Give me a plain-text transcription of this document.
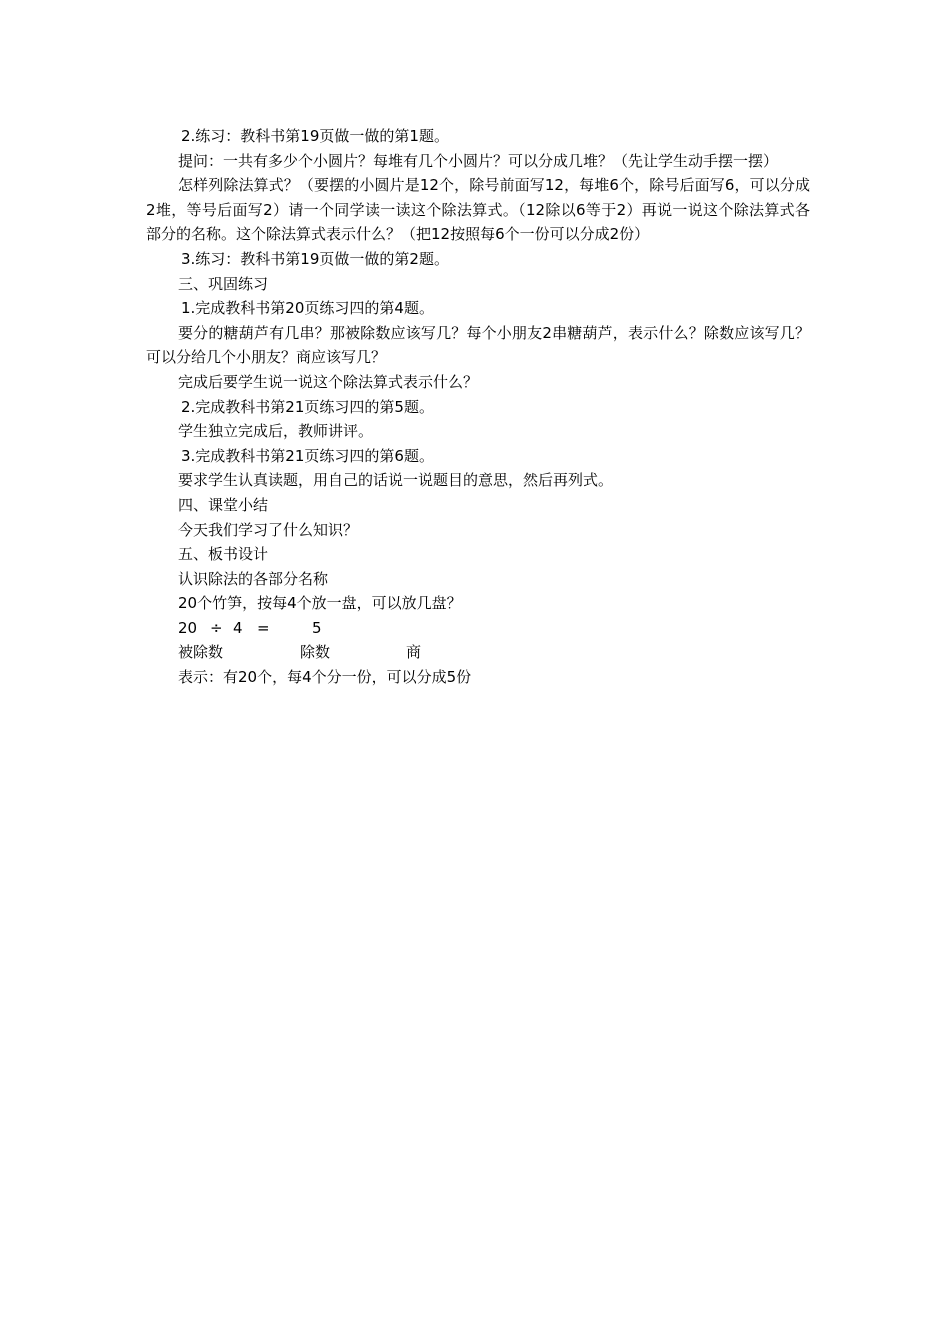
2.练习：教科书第19页做一做的第1题。

提问：一共有多少个小圆片？每堆有几个小圆片？可以分成几堆？（先让学生动手摆一摆）

怎样列除法算式？（要摆的小圆片是12个，除号前面写12，每堆6个，除号后面写6，可以分成2堆，等号后面写2）请一个同学读一读这个除法算式。（12除以6等于2）再说一说这个除法算式各部分的名称。这个除法算式表示什么？（把12按照每6个一份可以分成2份）

3.练习：教科书第19页做一做的第2题。

三、巩固练习

1.完成教科书第20页练习四的第4题。

要分的糖葫芦有几串？那被除数应该写几？每个小朋友2串糖葫芦，表示什么？除数应该写几？可以分给几个小朋友？商应该写几？

完成后要学生说一说这个除法算式表示什么？

2.完成教科书第21页练习四的第5题。

学生独立完成后，教师讲评。

3.完成教科书第21页练习四的第6题。

要求学生认真读题，用自己的话说一说题目的意思，然后再列式。

四、课堂小结

今天我们学习了什么知识？

五、板书设计

认识除法的各部分名称

20个竹笋，按每4个放一盘，可以放几盘？

20 ÷ 4 =	5
被除数	除数	商

表示：有20个，每4个分一份，可以分成5份
